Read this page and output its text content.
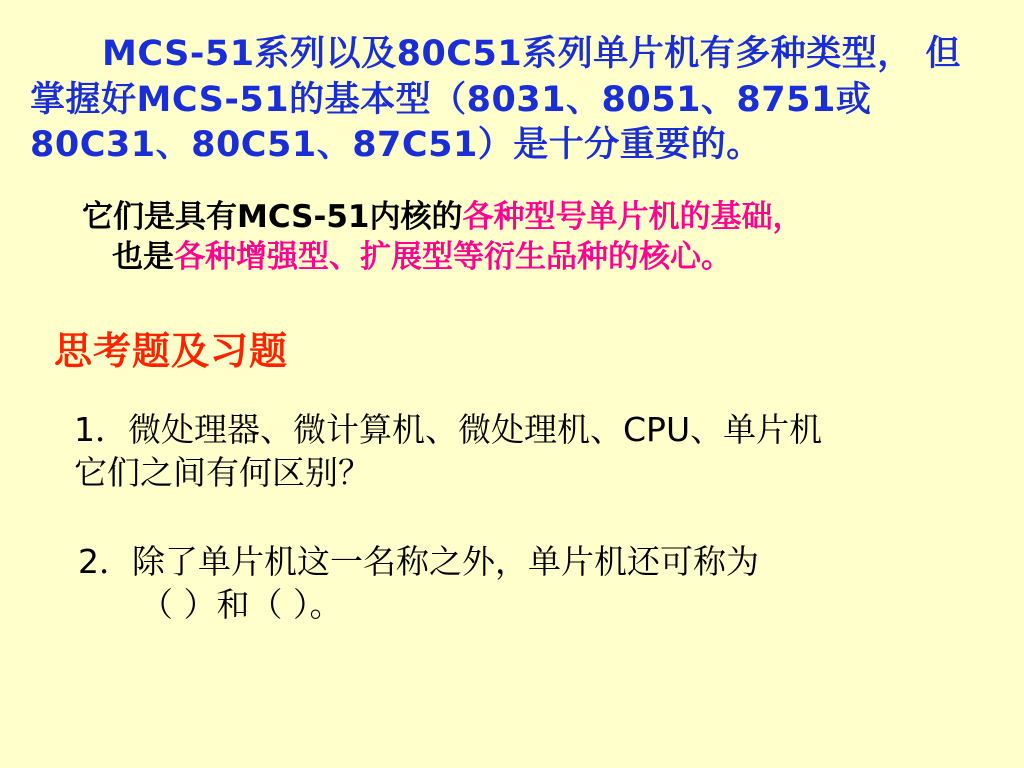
MCS-51系列以及80C51系列单片机有多种类型， 但掌握好MCS-51的基本型（8031、8051、8751或80C31、80C51、87C51）是十分重要的。

它们是具有MCS-51内核的各种型号单片机的基础，
也是各种增强型、扩展型等衍生品种的核心。

思考题及习题
1．微处理器、微计算机、微处理机、CPU、单片机
它们之间有何区别？
2．除了单片机这一名称之外，单片机还可称为
（ ）和（ ）。
